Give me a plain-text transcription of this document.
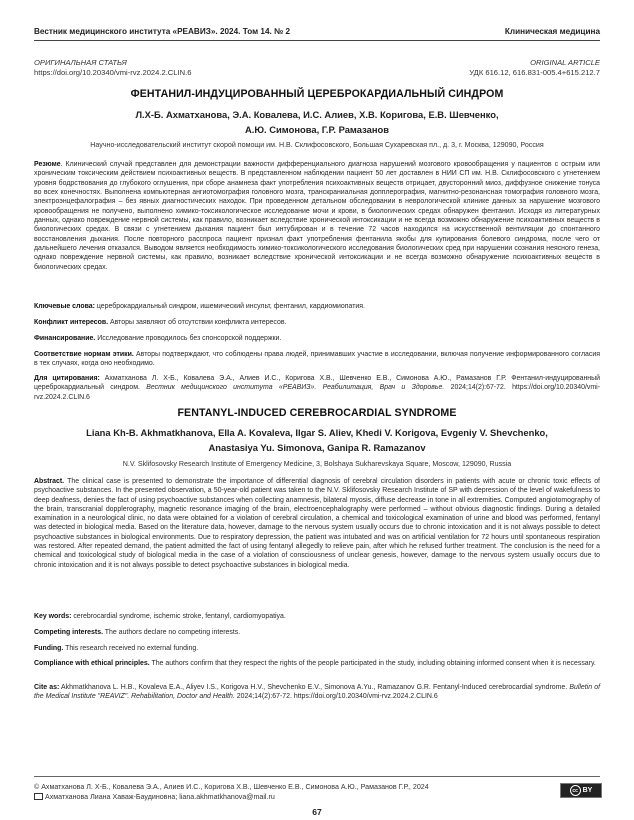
Вестник медицинского института «РЕАВИЗ». 2024. Том 14. № 2	Клиническая медицина
ОРИГИНАЛЬНАЯ СТАТЬЯ	ORIGINAL ARTICLE
https://doi.org/10.20340/vmi-rvz.2024.2.CLIN.6	УДК 616.12, 616.831-005.4+615.212.7
ФЕНТАНИЛ-ИНДУЦИРОВАННЫЙ ЦЕРЕБРОКАРДИАЛЬНЫЙ СИНДРОМ
Л.Х-Б. Ахматханова, Э.А. Ковалева, И.С. Алиев, Х.В. Коригова, Е.В. Шевченко,
А.Ю. Симонова, Г.Р. Рамазанов
Научно-исследовательский институт скорой помощи им. Н.В. Склифосовского, Большая Сухаревская пл., д. 3, г. Москва, 129090, Россия
Резюме. Клинический случай представлен для демонстрации важности дифференциального диагноза нарушений мозгового кровообращения у пациентов с острым или хроническим токсическим действием психоактивных веществ. В представленном наблюдении пациент 50 лет доставлен в НИИ СП им. Н.В. Склифосовского с угнетением уровня бодрствования до глубокого оглушения, при сборе анамнеза факт употребления психоактивных веществ отрицает, двусторонний миоз, диффузное снижение тонуса во всех конечностях. Выполнена компьютерная ангиотомография головного мозга, транскраниальная допплерография, магнитно-резонансная томография головного мозга, электроэнцефалография – без явных диагностических находок. При проведенном детальном обследовании в неврологической клинике данных за нарушение мозгового кровообращения не получено, выполнено химико-токсикологическое исследование мочи и крови, в биологических средах обнаружен фентанил. Исходя из литературных данных, однако повреждение нервной системы, как правило, возникает вследствие хронической интоксикации и не всегда возможно обнаружение психоактивных веществ в биологических средах. В связи с угнетением дыхания пациент был интубирован и в течение 72 часов находился на искусственной вентиляции до спонтанного восстановления дыхания. После повторного расспроса пациент признал факт употребления фентанила якобы для купирования болевого синдрома, после чего от дальнейшего лечения отказался. Выводом является необходимость химико-токсикологического исследования биологических сред при нарушении сознания неясного генеза, однако повреждение нервной системы, как правило, возникает вследствие хронической интоксикации и не всегда возможно обнаружение психоактивных веществ в биологических средах.
Ключевые слова: цереброкардиальный синдром, ишемический инсульт, фентанил, кардиомиопатия.
Конфликт интересов. Авторы заявляют об отсутствии конфликта интересов.
Финансирование. Исследование проводилось без спонсорской поддержки.
Соответствие нормам этики. Авторы подтверждают, что соблюдены права людей, принимавших участие в исследовании, включая получение информированного согласия в тех случаях, когда оно необходимо.
Для цитирования: Ахматханова Л. Х-Б., Ковалева Э.А., Алиев И.С., Коригова Х.В., Шевченко Е.В., Симонова А.Ю., Рамазанов Г.Р. Фентанил-индуцированный цереброкардиальный синдром. Вестник медицинского института «РЕАВИЗ». Реабилитация, Врач и Здоровье. 2024;14(2):67-72. https://doi.org/10.20340/vmi-rvz.2024.2.CLIN.6
FENTANYL-INDUCED CEREBROCARDIAL SYNDROME
Liana Kh-B. Akhmatkhanova, Ella A. Kovaleva, Ilgar S. Aliev, Khedi V. Korigova, Evgeniy V. Shevchenko,
Anastasiya Yu. Simonova, Ganipa R. Ramazanov
N.V. Sklifosovsky Research Institute of Emergency Medicine, 3, Bolshaya Sukharevskaya Square, Moscow, 129090, Russia
Abstract. The clinical case is presented to demonstrate the importance of differential diagnosis of cerebral circulation disorders in patients with acute or chronic toxic effects of psychoactive substances. In the presented observation, a 50-year-old patient was taken to the N.V. Sklifosovsky Research Institute of SP with depression of the level of wakefulness to deep deafness, denies the fact of using psychoactive substances when collecting anamnesis, bilateral myosis, diffuse decrease in tone in all extremities. Computed angiotomography of the brain, transcranial dopplerography, magnetic resonance imaging of the brain, electroencephalography were performed – without obvious diagnostic findings. During a detailed examination in a neurological clinic, no data were obtained for a violation of cerebral circulation, a chemical and toxicological examination of urine and blood was performed, fentanyl was detected in biological media. Based on the literature data, however, damage to the nervous system usually occurs due to chronic intoxication and it is not always possible to detect psychoactive substances in biological environments. Due to respiratory depression, the patient was intubated and was on artificial ventilation for 72 hours until spontaneous respiration was restored. After repeated demand, the patient admitted the fact of using fentanyl allegedly to relieve pain, after which he refused further treatment. The conclusion is the need for a chemical and toxicological study of biological media in the case of a violation of consciousness of unclear genesis, however, damage to the nervous system usually occurs due to chronic intoxication and it is not always possible to detect psychoactive substances in biological media.
Key words: cerebrocardial syndrome, ischemic stroke, fentanyl, cardiomyopatiya.
Competing interests. The authors declare no competing interests.
Funding. This research received no external funding.
Compliance with ethical principles. The authors confirm that they respect the rights of the people participated in the study, including obtaining informed consent when it is necessary.
Cite as: Akhmatkhanova L. H.B., Kovaleva E.A., Aliyev I.S., Korigova H.V., Shevchenko E.V., Simonova A.Yu., Ramazanov G.R. Fentanyl-Induced cerebrocardial syndrome. Bulletin of the Medical Institute "REAVIZ". Rehabilitation, Doctor and Health. 2024;14(2):67-72. https://doi.org/10.20340/vmi-rvz.2024.2.CLIN.6
© Ахматханова Л. Х-Б., Ковалева Э.А., Алиев И.С., Коригова Х.В., Шевченко Е.В., Симонова А.Ю., Рамазанов Г.Р., 2024
Ахматханова Лиана Хаваж-Баудиновна; liana.akhmatkhanova@mail.ru
cc BY
67
